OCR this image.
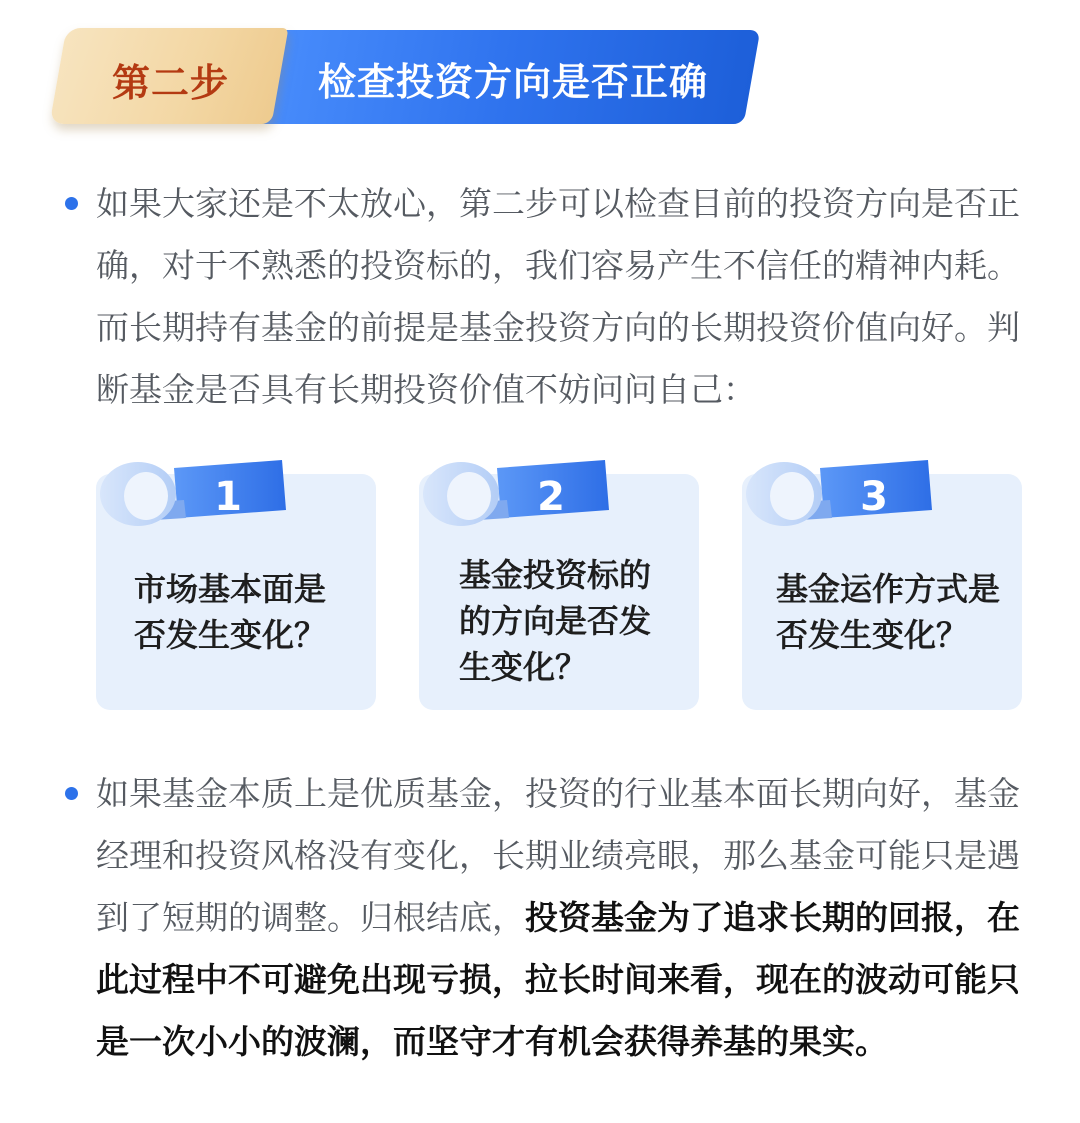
第二步 检查投资方向是否正确
如果大家还是不太放心，第二步可以检查目前的投资方向是否正确，对于不熟悉的投资标的，我们容易产生不信任的精神内耗。而长期持有基金的前提是基金投资方向的长期投资价值向好。判断基金是否具有长期投资价值不妨问问自己：
1
市场基本面是否发生变化？
2
基金投资标的的方向是否发生变化？
3
基金运作方式是否发生变化？
如果基金本质上是优质基金，投资的行业基本面长期向好，基金经理和投资风格没有变化，长期业绩亮眼，那么基金可能只是遇到了短期的调整。归根结底，投资基金为了追求长期的回报，在此过程中不可避免出现亏损，拉长时间来看，现在的波动可能只是一次小小的波澜，而坚守才有机会获得养基的果实。
